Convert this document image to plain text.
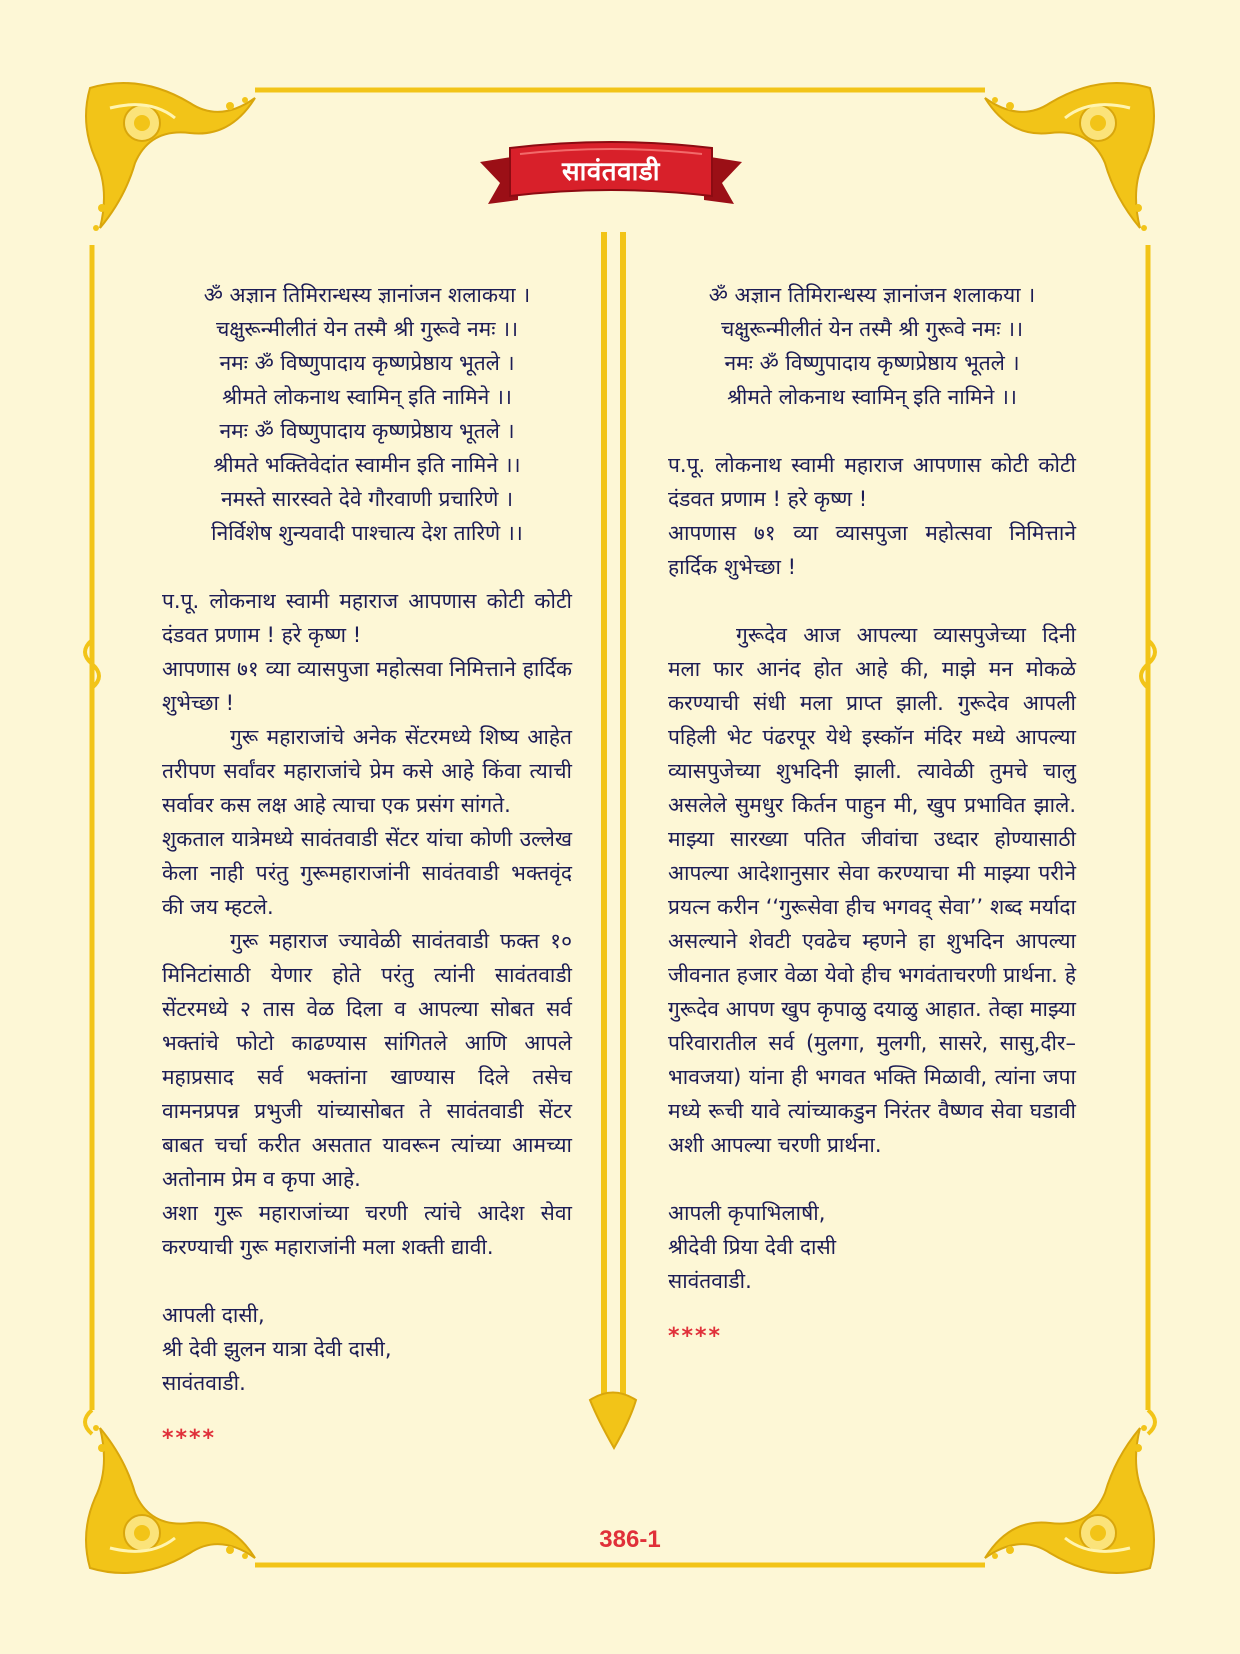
सावंतवाडी
ॐ अज्ञान तिमिरान्धस्य ज्ञानांजन शलाकया ।
चक्षुरून्मीलीतं येन तस्मै श्री गुरूवे नमः ।।
नमः ॐ विष्णुपादाय कृष्णप्रेष्ठाय भूतले ।
श्रीमते लोकनाथ स्वामिन् इति नामिने ।।
नमः ॐ विष्णुपादाय कृष्णप्रेष्ठाय भूतले ।
श्रीमते भक्तिवेदांत स्वामीन इति नामिने ।।
नमस्ते सारस्वते देवे गौरवाणी प्रचारिणे ।
निर्विशेष शुन्यवादी पाश्चात्य देश तारिणे ।।
प.पू. लोकनाथ स्वामी महाराज आपणास कोटी कोटी दंडवत प्रणाम ! हरे कृष्ण !
आपणास ७१ व्या व्यासपुजा महोत्सवा निमित्ताने हार्दिक शुभेच्छा !
गुरू महाराजांचे अनेक सेंटरमध्ये शिष्य आहेत तरीपण सर्वांवर महाराजांचे प्रेम कसे आहे किंवा त्याची सर्वावर कस लक्ष आहे त्याचा एक प्रसंग सांगते.
शुकताल यात्रेमध्ये सावंतवाडी सेंटर यांचा कोणी उल्लेख केला नाही परंतु गुरूमहाराजांनी सावंतवाडी भक्तवृंद की जय म्हटले.
गुरू महाराज ज्यावेळी सावंतवाडी फक्त १० मिनिटांसाठी येणार होते परंतु त्यांनी सावंतवाडी सेंटरमध्ये २ तास वेळ दिला व आपल्या सोबत सर्व भक्तांचे फोटो काढण्यास सांगितले आणि आपले महाप्रसाद सर्व भक्तांना खाण्यास दिले तसेच वामनप्रपन्न प्रभुजी यांच्यासोबत ते सावंतवाडी सेंटर बाबत चर्चा करीत असतात यावरून त्यांच्या आमच्या अतोनाम प्रेम व कृपा आहे.
अशा गुरू महाराजांच्या चरणी त्यांचे आदेश सेवा करण्याची गुरू महाराजांनी मला शक्ती द्यावी.
आपली दासी,
श्री देवी झुलन यात्रा देवी दासी,
सावंतवाडी.
****
ॐ अज्ञान तिमिरान्धस्य ज्ञानांजन शलाकया ।
चक्षुरून्मीलीतं येन तस्मै श्री गुरूवे नमः ।।
नमः ॐ विष्णुपादाय कृष्णप्रेष्ठाय भूतले ।
श्रीमते लोकनाथ स्वामिन् इति नामिने ।।
प.पू. लोकनाथ स्वामी महाराज आपणास कोटी कोटी दंडवत प्रणाम ! हरे कृष्ण !
आपणास ७१ व्या व्यासपुजा महोत्सवा निमित्ताने हार्दिक शुभेच्छा !
गुरूदेव आज आपल्या व्यासपुजेच्या दिनी मला फार आनंद होत आहे की, माझे मन मोकळे करण्याची संधी मला प्राप्त झाली. गुरूदेव आपली पहिली भेट पंढरपूर येथे इस्कॉन मंदिर मध्ये आपल्या व्यासपुजेच्या शुभदिनी झाली. त्यावेळी तुमचे चालु असलेले सुमधुर किर्तन पाहुन मी, खुप प्रभावित झाले. माझ्या सारख्या पतित जीवांचा उध्दार होण्यासाठी आपल्या आदेशानुसार सेवा करण्याचा मी माझ्या परीने प्रयत्न करीन ‘‘गुरूसेवा हीच भगवद् सेवा’’ शब्द मर्यादा असल्याने शेवटी एवढेच म्हणने हा शुभदिन आपल्या जीवनात हजार वेळा येवो हीच भगवंताचरणी प्रार्थना. हे गुरूदेव आपण खुप कृपाळु दयाळु आहात. तेव्हा माझ्या परिवारातील सर्व (मुलगा, मुलगी, सासरे, सासु,दीर–भावजया) यांना ही भगवत भक्ति मिळावी, त्यांना जपा मध्ये रूची यावे त्यांच्याकडुन निरंतर वैष्णव सेवा घडावी अशी आपल्या चरणी प्रार्थना.
आपली कृपाभिलाषी,
श्रीदेवी प्रिया देवी दासी
सावंतवाडी.
****
386-1
